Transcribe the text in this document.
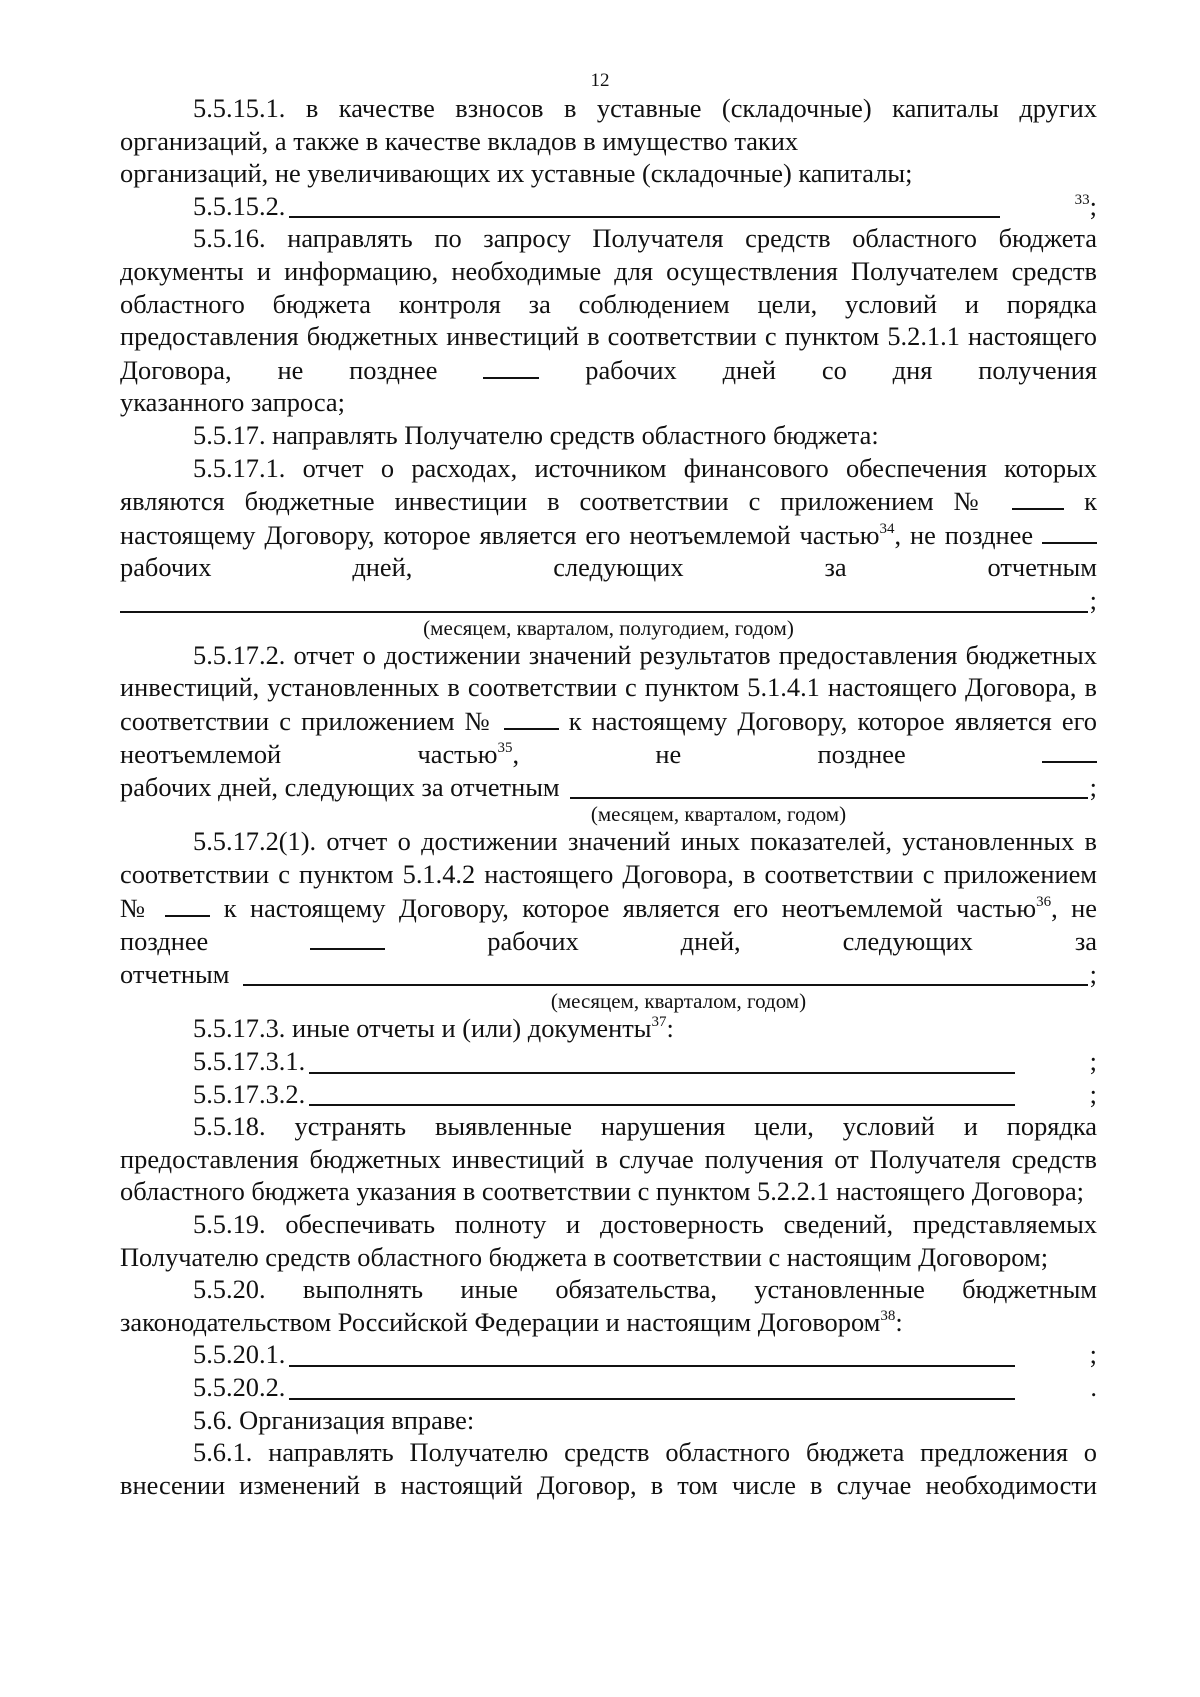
12

5.5.15.1. в качестве взносов в уставные (складочные) капиталы других организаций, а также в качестве вкладов в имущество таких

организаций, не увеличивающих их уставные (складочные) капиталы;

5.5.15.2.	$^{33}$;

5.5.16. направлять по запросу Получателя средств областного бюджета документы и информацию, необходимые для осуществления Получателем средств областного бюджета контроля за соблюдением цели, условий и порядка предоставления бюджетных инвестиций в соответствии с пунктом 5.2.1.1 настоящего Договора, не позднее	рабочих дней со дня получения

указанного запроса;

5.5.17. направлять Получателю средств областного бюджета:

5.5.17.1. отчет о расходах, источником финансового обеспечения которых являются бюджетные инвестиции в соответствии с приложением №	к настоящему Договору, которое является его неотъемлемой частью$^{34}$, не позднее  рабочих дней, следующих за отчетным

;

(месяцем, кварталом, полугодием, годом)

5.5.17.2. отчет о достижении значений результатов предоставления бюджетных инвестиций, установленных в соответствии с пунктом 5.1.4.1 настоящего Договора, в соответствии с приложением №	к настоящему Договору, которое является его неотъемлемой частью$^{35}$, не позднее

рабочих дней, следующих за отчетным	;

(месяцем, кварталом, годом)

5.5.17.2(1). отчет о достижении значений иных показателей, установленных в соответствии с пунктом 5.1.4.2 настоящего Договора, в соответствии с приложением №	к настоящему Договору, которое является его неотъемлемой частью$^{36}$, не позднее	рабочих дней, следующих за

отчетным	;

(месяцем, кварталом, годом)

5.5.17.3. иные отчеты и (или) документы$^{37}$:

5.5.17.3.1.	;
5.5.17.3.2.	;

5.5.18. устранять выявленные нарушения цели, условий и порядка предоставления бюджетных инвестиций в случае получения от Получателя средств областного бюджета указания в соответствии с пунктом 5.2.2.1 настоящего Договора;

5.5.19. обеспечивать полноту и достоверность сведений, представляемых Получателю средств областного бюджета в соответствии с настоящим Договором;

5.5.20. выполнять иные обязательства, установленные бюджетным законодательством Российской Федерации и настоящим Договором$^{38}$:

5.5.20.1.	;
5.5.20.2.	.

5.6. Организация вправе:

5.6.1. направлять Получателю средств областного бюджета предложения о внесении изменений в настоящий Договор, в том числе в случае необходимости
